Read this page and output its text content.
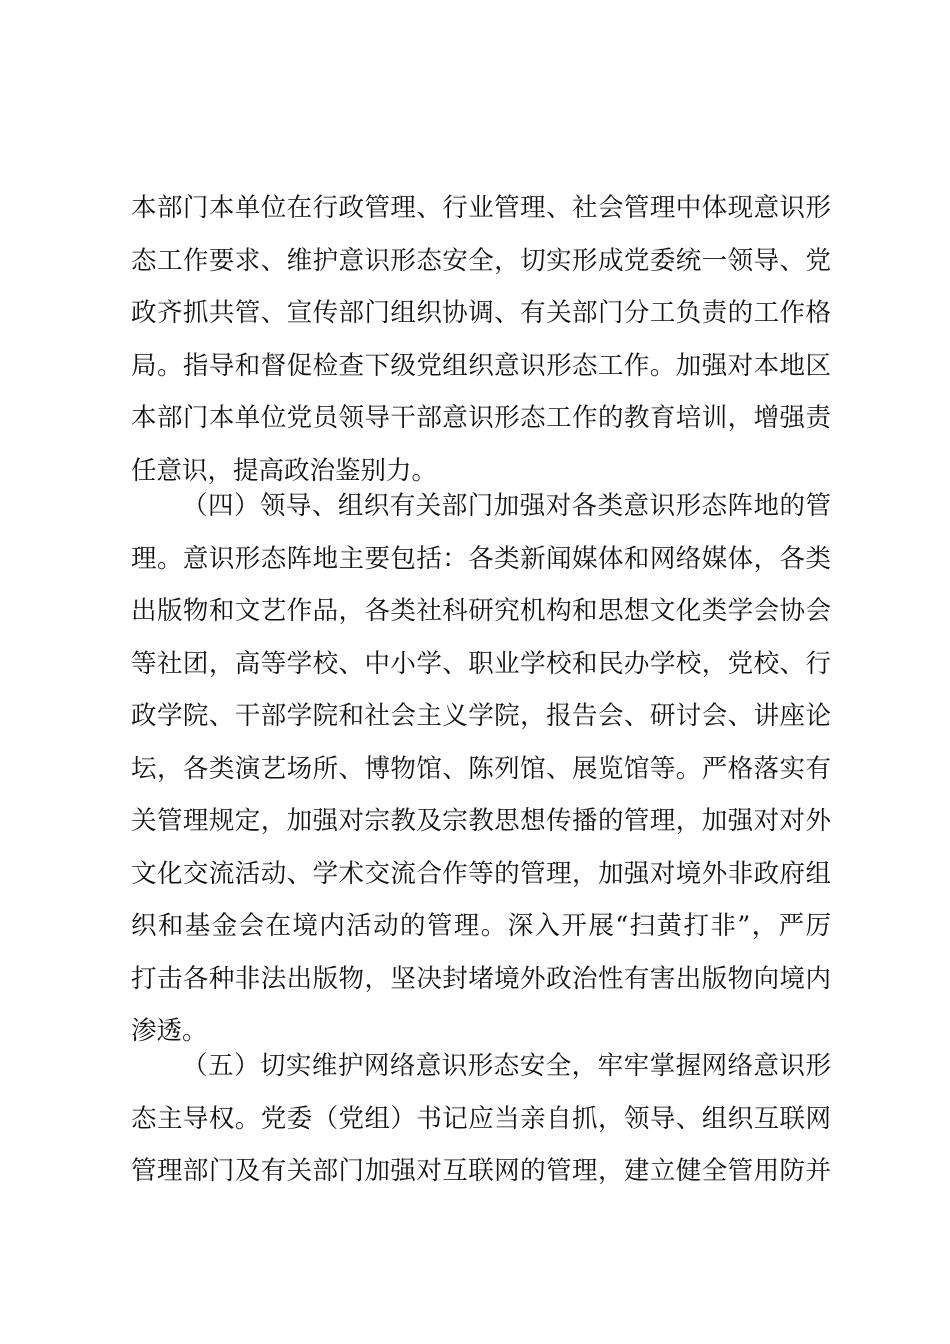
本部门本单位在行政管理、行业管理、社会管理中体现意识形
态工作要求、维护意识形态安全，切实形成党委统一领导、党
政齐抓共管、宣传部门组织协调、有关部门分工负责的工作格
局。指导和督促检查下级党组织意识形态工作。加强对本地区
本部门本单位党员领导干部意识形态工作的教育培训，增强责
任意识，提高政治鉴别力。
（四）领导、组织有关部门加强对各类意识形态阵地的管
理。意识形态阵地主要包括：各类新闻媒体和网络媒体，各类
出版物和文艺作品，各类社科研究机构和思想文化类学会协会
等社团，高等学校、中小学、职业学校和民办学校，党校、行
政学院、干部学院和社会主义学院，报告会、研讨会、讲座论
坛，各类演艺场所、博物馆、陈列馆、展览馆等。严格落实有
关管理规定，加强对宗教及宗教思想传播的管理，加强对对外
文化交流活动、学术交流合作等的管理，加强对境外非政府组
织和基金会在境内活动的管理。深入开展“扫黄打非”，严厉
打击各种非法出版物，坚决封堵境外政治性有害出版物向境内
渗透。
（五）切实维护网络意识形态安全，牢牢掌握网络意识形
态主导权。党委（党组）书记应当亲自抓，领导、组织互联网
管理部门及有关部门加强对互联网的管理，建立健全管用防并
